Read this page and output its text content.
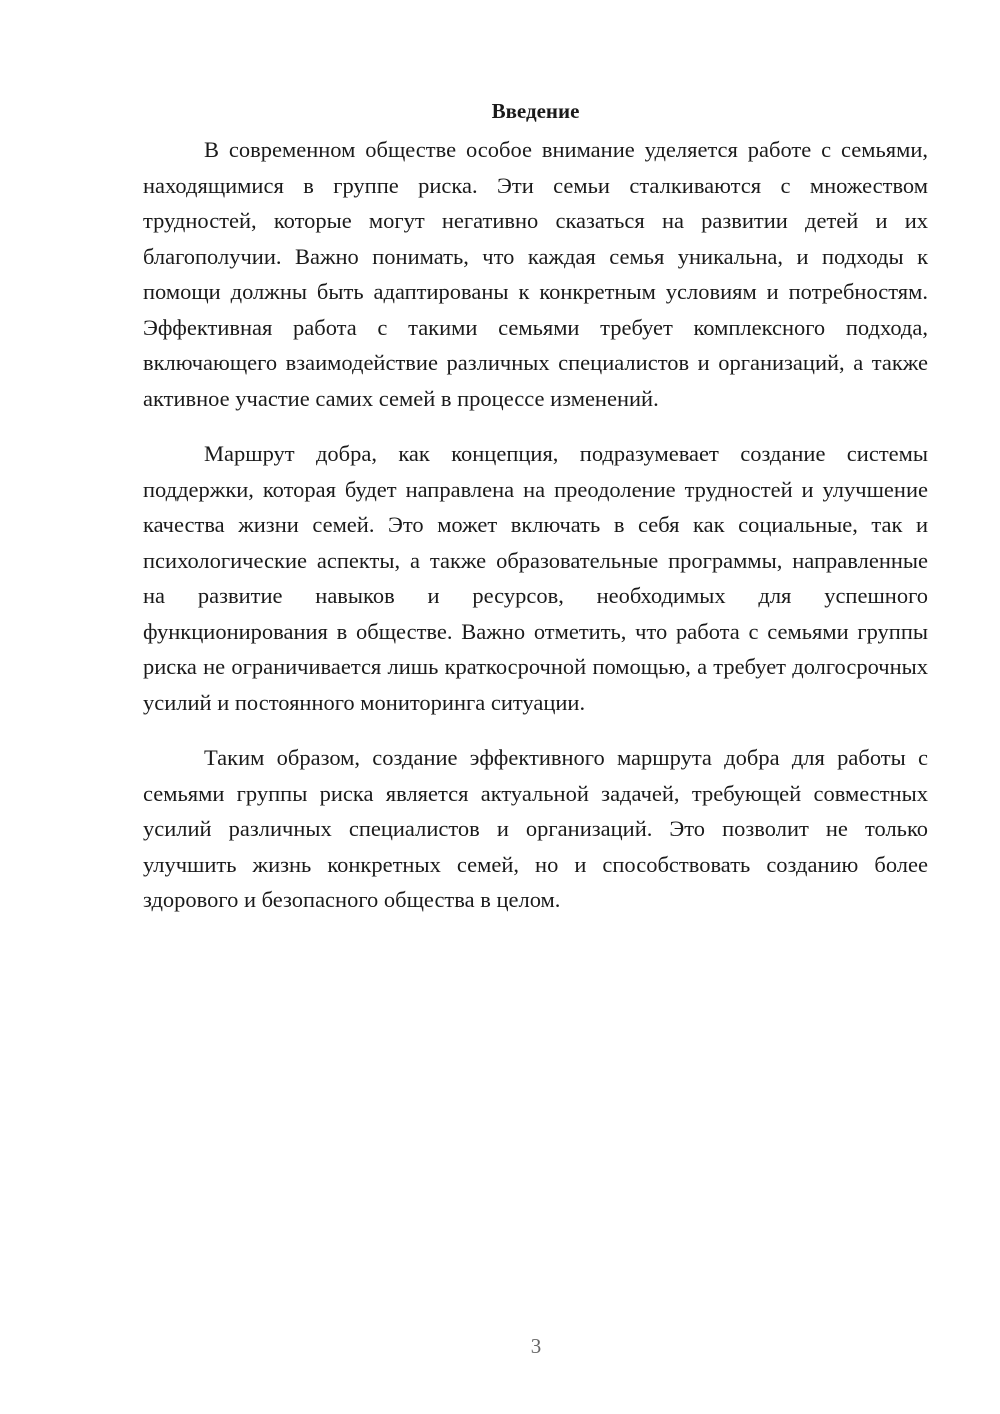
Введение

В современном обществе особое внимание уделяется работе с семьями, находящимися в группе риска. Эти семьи сталкиваются с множеством трудностей, которые могут негативно сказаться на развитии детей и их благополучии. Важно понимать, что каждая семья уникальна, и подходы к помощи должны быть адаптированы к конкретным условиям и потребностям. Эффективная работа с такими семьями требует комплексного подхода, включающего взаимодействие различных специалистов и организаций, а также активное участие самих семей в процессе изменений.

Маршрут добра, как концепция, подразумевает создание системы поддержки, которая будет направлена на преодоление трудностей и улучшение качества жизни семей. Это может включать в себя как социальные, так и психологические аспекты, а также образовательные программы, направленные на развитие навыков и ресурсов, необходимых для успешного функционирования в обществе. Важно отметить, что работа с семьями группы риска не ограничивается лишь краткосрочной помощью, а требует долгосрочных усилий и постоянного мониторинга ситуации.

Таким образом, создание эффективного маршрута добра для работы с семьями группы риска является актуальной задачей, требующей совместных усилий различных специалистов и организаций. Это позволит не только улучшить жизнь конкретных семей, но и способствовать созданию более здорового и безопасного общества в целом.

3
